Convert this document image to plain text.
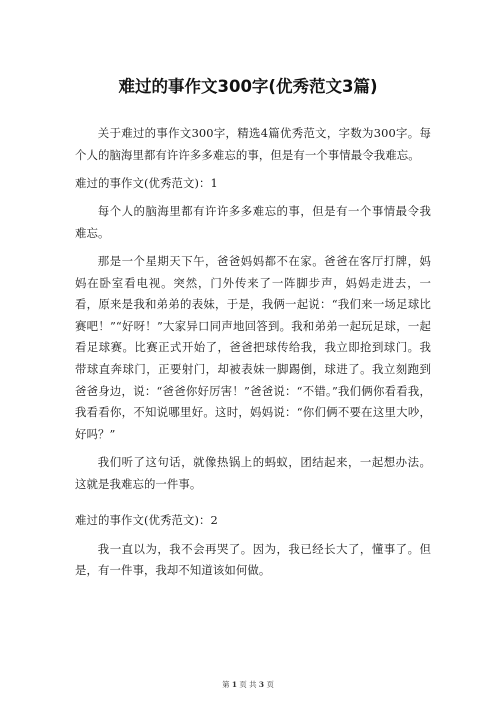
难过的事作文300字(优秀范文3篇)

关于难过的事作文300字，精选4篇优秀范文，字数为300字。每个人的脑海里都有许许多多难忘的事，但是有一个事情最令我难忘。

难过的事作文(优秀范文)：1

每个人的脑海里都有许许多多难忘的事，但是有一个事情最令我难忘。

那是一个星期天下午，爸爸妈妈都不在家。爸爸在客厅打牌，妈妈在卧室看电视。突然，门外传来了一阵脚步声，妈妈走进去，一看，原来是我和弟弟的表妹，于是，我俩一起说：“我们来一场足球比赛吧！”“好呀！”大家异口同声地回答到。我和弟弟一起玩足球，一起看足球赛。比赛正式开始了，爸爸把球传给我，我立即抢到球门。我带球直奔球门，正要射门，却被表妹一脚踢倒，球进了。我立刻跑到爸爸身边，说：“爸爸你好厉害！”爸爸说：“不错。”我们俩你看看我，我看看你，不知说哪里好。这时，妈妈说：“你们俩不要在这里大吵，好吗？”

我们听了这句话，就像热锅上的蚂蚁，团结起来，一起想办法。这就是我难忘的一件事。

难过的事作文(优秀范文)：2

我一直以为，我不会再哭了。因为，我已经长大了，懂事了。但是，有一件事，我却不知道该如何做。

第 1 页 共 3 页
